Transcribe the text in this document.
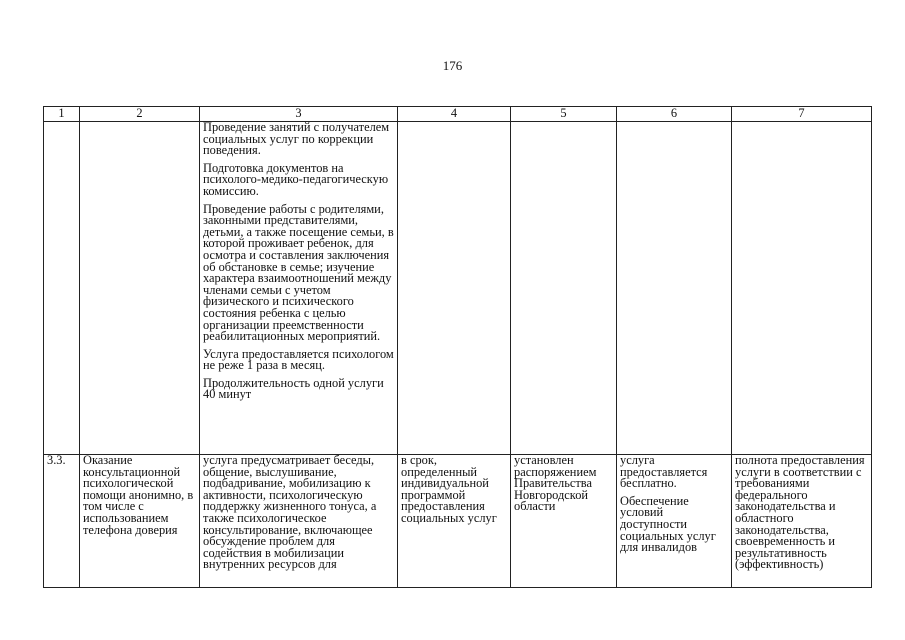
176
1	2	3	4	5	6	7

		Проведение занятий с получателем социальных услуг по коррекции поведения.

Подготовка документов на психолого-медико-педагогическую комиссию.

Проведение работы с родителями, законными представителями, детьми, а также посещение семьи, в которой проживает ребенок, для осмотра и составления заключения об обстановке в семье; изучение характера взаимоотношений между членами семьи с учетом физического и психического состояния ребенка с целью организации преемственности реабилитационных мероприятий.

Услуга предоставляется психологом не реже 1 раза в месяц.

Продолжительность одной услуги 40 минут				

3.3.	Оказание консультационной психологической помощи анонимно, в том числе с использованием телефона доверия	услуга предусматривает беседы, общение, выслушивание, подбадривание, мобилизацию к активности, психологическую поддержку жизненного тонуса, а также психологическое консультирование, включающее обсуждение проблем для содействия в мобилизации внутренних ресурсов для	в срок, определенный индивидуальной программой предоставления социальных услуг	установлен распоряжением Правительства Новгородской области	услуга предоставляется бесплатно.

Обеспечение условий доступности социальных услуг для инвалидов	полнота предоставления услуги в соответствии с требованиями федерального законодательства и областного законодательства, своевременность и результативность (эффективность)
